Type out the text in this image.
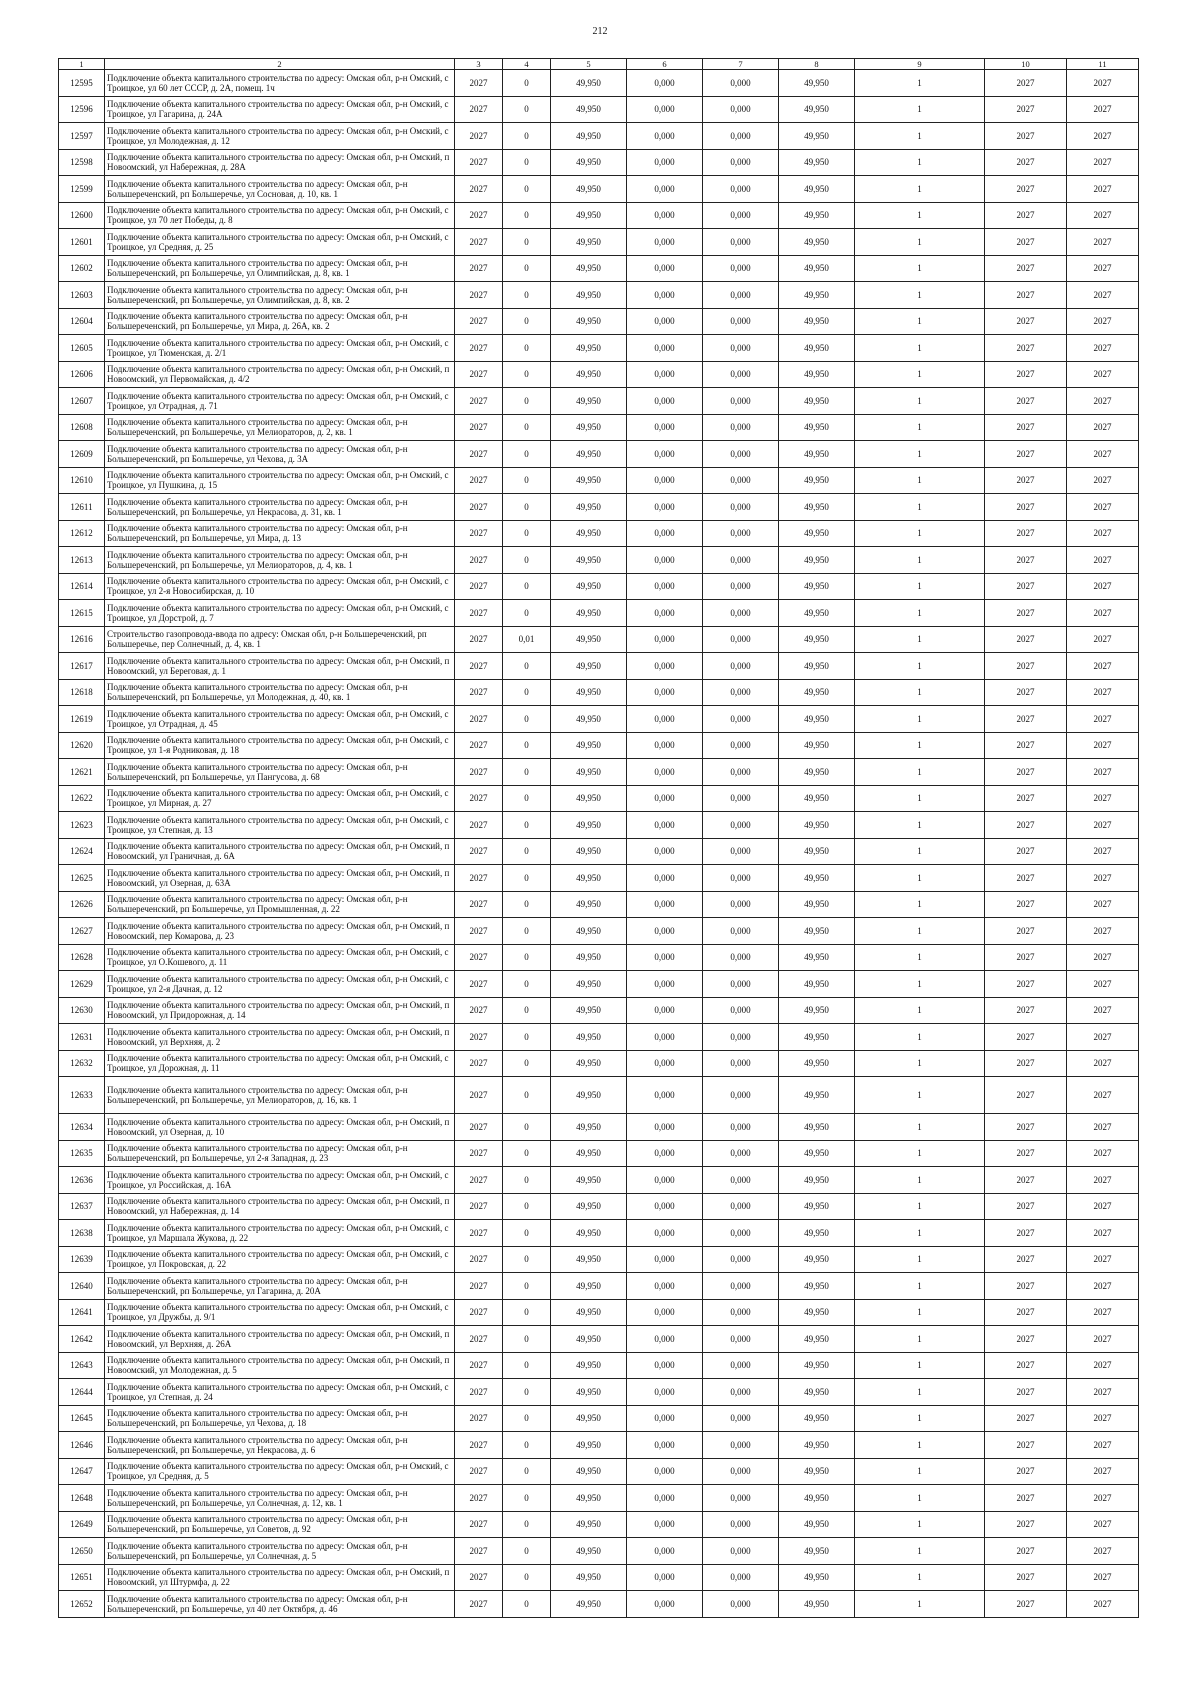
212
1	2	3	4	5	6	7	8	9	10	11
12595	Подключение объекта капитального строительства по адресу: Омская обл, р-н Омский, с Троицкое, ул 60 лет СССР, д. 2А, помещ. 1ч	2027	0	49,950	0,000	0,000	49,950	1	2027	2027
12596	Подключение объекта капитального строительства по адресу: Омская обл, р-н Омский, с Троицкое, ул Гагарина, д. 24А	2027	0	49,950	0,000	0,000	49,950	1	2027	2027
12597	Подключение объекта капитального строительства по адресу: Омская обл, р-н Омский, с Троицкое, ул Молодежная, д. 12	2027	0	49,950	0,000	0,000	49,950	1	2027	2027
12598	Подключение объекта капитального строительства по адресу: Омская обл, р-н Омский, п Новоомский, ул Набережная, д. 28А	2027	0	49,950	0,000	0,000	49,950	1	2027	2027
12599	Подключение объекта капитального строительства по адресу: Омская обл, р-н Большереченский, рп Большеречье, ул Сосновая, д. 10, кв. 1	2027	0	49,950	0,000	0,000	49,950	1	2027	2027
12600	Подключение объекта капитального строительства по адресу: Омская обл, р-н Омский, с Троицкое, ул 70 лет Победы, д. 8	2027	0	49,950	0,000	0,000	49,950	1	2027	2027
12601	Подключение объекта капитального строительства по адресу: Омская обл, р-н Омский, с Троицкое, ул Средняя, д. 25	2027	0	49,950	0,000	0,000	49,950	1	2027	2027
12602	Подключение объекта капитального строительства по адресу: Омская обл, р-н Большереченский, рп Большеречье, ул Олимпийская, д. 8, кв. 1	2027	0	49,950	0,000	0,000	49,950	1	2027	2027
12603	Подключение объекта капитального строительства по адресу: Омская обл, р-н Большереченский, рп Большеречье, ул Олимпийская, д. 8, кв. 2	2027	0	49,950	0,000	0,000	49,950	1	2027	2027
12604	Подключение объекта капитального строительства по адресу: Омская обл, р-н Большереченский, рп Большеречье, ул Мира, д. 26А, кв. 2	2027	0	49,950	0,000	0,000	49,950	1	2027	2027
12605	Подключение объекта капитального строительства по адресу: Омская обл, р-н Омский, с Троицкое, ул Тюменская, д. 2/1	2027	0	49,950	0,000	0,000	49,950	1	2027	2027
12606	Подключение объекта капитального строительства по адресу: Омская обл, р-н Омский, п Новоомский, ул Первомайская, д. 4/2	2027	0	49,950	0,000	0,000	49,950	1	2027	2027
12607	Подключение объекта капитального строительства по адресу: Омская обл, р-н Омский, с Троицкое, ул Отрадная, д. 71	2027	0	49,950	0,000	0,000	49,950	1	2027	2027
12608	Подключение объекта капитального строительства по адресу: Омская обл, р-н Большереченский, рп Большеречье, ул Мелиораторов, д. 2, кв. 1	2027	0	49,950	0,000	0,000	49,950	1	2027	2027
12609	Подключение объекта капитального строительства по адресу: Омская обл, р-н Большереченский, рп Большеречье, ул Чехова, д. 3А	2027	0	49,950	0,000	0,000	49,950	1	2027	2027
12610	Подключение объекта капитального строительства по адресу: Омская обл, р-н Омский, с Троицкое, ул Пушкина, д. 15	2027	0	49,950	0,000	0,000	49,950	1	2027	2027
12611	Подключение объекта капитального строительства по адресу: Омская обл, р-н Большереченский, рп Большеречье, ул Некрасова, д. 31, кв. 1	2027	0	49,950	0,000	0,000	49,950	1	2027	2027
12612	Подключение объекта капитального строительства по адресу: Омская обл, р-н Большереченский, рп Большеречье, ул Мира, д. 13	2027	0	49,950	0,000	0,000	49,950	1	2027	2027
12613	Подключение объекта капитального строительства по адресу: Омская обл, р-н Большереченский, рп Большеречье, ул Мелиораторов, д. 4, кв. 1	2027	0	49,950	0,000	0,000	49,950	1	2027	2027
12614	Подключение объекта капитального строительства по адресу: Омская обл, р-н Омский, с Троицкое, ул 2-я Новосибирская, д. 10	2027	0	49,950	0,000	0,000	49,950	1	2027	2027
12615	Подключение объекта капитального строительства по адресу: Омская обл, р-н Омский, с Троицкое, ул Дорстрой, д. 7	2027	0	49,950	0,000	0,000	49,950	1	2027	2027
12616	Строительство газопровода-ввода по адресу: Омская обл, р-н Большереченский, рп Большеречье, пер Солнечный, д. 4, кв. 1	2027	0,01	49,950	0,000	0,000	49,950	1	2027	2027
12617	Подключение объекта капитального строительства по адресу: Омская обл, р-н Омский, п Новоомский, ул Береговая, д. 1	2027	0	49,950	0,000	0,000	49,950	1	2027	2027
12618	Подключение объекта капитального строительства по адресу: Омская обл, р-н Большереченский, рп Большеречье, ул Молодежная, д. 40, кв. 1	2027	0	49,950	0,000	0,000	49,950	1	2027	2027
12619	Подключение объекта капитального строительства по адресу: Омская обл, р-н Омский, с Троицкое, ул Отрадная, д. 45	2027	0	49,950	0,000	0,000	49,950	1	2027	2027
12620	Подключение объекта капитального строительства по адресу: Омская обл, р-н Омский, с Троицкое, ул 1-я Родниковая, д. 18	2027	0	49,950	0,000	0,000	49,950	1	2027	2027
12621	Подключение объекта капитального строительства по адресу: Омская обл, р-н Большереченский, рп Большеречье, ул Пангусова, д. 68	2027	0	49,950	0,000	0,000	49,950	1	2027	2027
12622	Подключение объекта капитального строительства по адресу: Омская обл, р-н Омский, с Троицкое, ул Мирная, д. 27	2027	0	49,950	0,000	0,000	49,950	1	2027	2027
12623	Подключение объекта капитального строительства по адресу: Омская обл, р-н Омский, с Троицкое, ул Степная, д. 13	2027	0	49,950	0,000	0,000	49,950	1	2027	2027
12624	Подключение объекта капитального строительства по адресу: Омская обл, р-н Омский, п Новоомский, ул Граничная, д. 6А	2027	0	49,950	0,000	0,000	49,950	1	2027	2027
12625	Подключение объекта капитального строительства по адресу: Омская обл, р-н Омский, п Новоомский, ул Озерная, д. 63А	2027	0	49,950	0,000	0,000	49,950	1	2027	2027
12626	Подключение объекта капитального строительства по адресу: Омская обл, р-н Большереченский, рп Большеречье, ул Промышленная, д. 22	2027	0	49,950	0,000	0,000	49,950	1	2027	2027
12627	Подключение объекта капитального строительства по адресу: Омская обл, р-н Омский, п Новоомский, пер Комарова, д. 23	2027	0	49,950	0,000	0,000	49,950	1	2027	2027
12628	Подключение объекта капитального строительства по адресу: Омская обл, р-н Омский, с Троицкое, ул О.Кошевого, д. 11	2027	0	49,950	0,000	0,000	49,950	1	2027	2027
12629	Подключение объекта капитального строительства по адресу: Омская обл, р-н Омский, с Троицкое, ул 2-я Дачная, д. 12	2027	0	49,950	0,000	0,000	49,950	1	2027	2027
12630	Подключение объекта капитального строительства по адресу: Омская обл, р-н Омский, п Новоомский, ул Придорожная, д. 14	2027	0	49,950	0,000	0,000	49,950	1	2027	2027
12631	Подключение объекта капитального строительства по адресу: Омская обл, р-н Омский, п Новоомский, ул Верхняя, д. 2	2027	0	49,950	0,000	0,000	49,950	1	2027	2027
12632	Подключение объекта капитального строительства по адресу: Омская обл, р-н Омский, с Троицкое, ул Дорожная, д. 11	2027	0	49,950	0,000	0,000	49,950	1	2027	2027
12633	Подключение объекта капитального строительства по адресу: Омская обл, р-н Большереченский, рп Большеречье, ул Мелиораторов, д. 16, кв. 1	2027	0	49,950	0,000	0,000	49,950	1	2027	2027
12634	Подключение объекта капитального строительства по адресу: Омская обл, р-н Омский, п Новоомский, ул Озерная, д. 10	2027	0	49,950	0,000	0,000	49,950	1	2027	2027
12635	Подключение объекта капитального строительства по адресу: Омская обл, р-н Большереченский, рп Большеречье, ул 2-я Западная, д. 23	2027	0	49,950	0,000	0,000	49,950	1	2027	2027
12636	Подключение объекта капитального строительства по адресу: Омская обл, р-н Омский, с Троицкое, ул Российская, д. 16А	2027	0	49,950	0,000	0,000	49,950	1	2027	2027
12637	Подключение объекта капитального строительства по адресу: Омская обл, р-н Омский, п Новоомский, ул Набережная, д. 14	2027	0	49,950	0,000	0,000	49,950	1	2027	2027
12638	Подключение объекта капитального строительства по адресу: Омская обл, р-н Омский, с Троицкое, ул Маршала Жукова, д. 22	2027	0	49,950	0,000	0,000	49,950	1	2027	2027
12639	Подключение объекта капитального строительства по адресу: Омская обл, р-н Омский, с Троицкое, ул Покровская, д. 22	2027	0	49,950	0,000	0,000	49,950	1	2027	2027
12640	Подключение объекта капитального строительства по адресу: Омская обл, р-н Большереченский, рп Большеречье, ул Гагарина, д. 20А	2027	0	49,950	0,000	0,000	49,950	1	2027	2027
12641	Подключение объекта капитального строительства по адресу: Омская обл, р-н Омский, с Троицкое, ул Дружбы, д. 9/1	2027	0	49,950	0,000	0,000	49,950	1	2027	2027
12642	Подключение объекта капитального строительства по адресу: Омская обл, р-н Омский, п Новоомский, ул Верхняя, д. 26А	2027	0	49,950	0,000	0,000	49,950	1	2027	2027
12643	Подключение объекта капитального строительства по адресу: Омская обл, р-н Омский, п Новоомский, ул Молодежная, д. 5	2027	0	49,950	0,000	0,000	49,950	1	2027	2027
12644	Подключение объекта капитального строительства по адресу: Омская обл, р-н Омский, с Троицкое, ул Степная, д. 24	2027	0	49,950	0,000	0,000	49,950	1	2027	2027
12645	Подключение объекта капитального строительства по адресу: Омская обл, р-н Большереченский, рп Большеречье, ул Чехова, д. 18	2027	0	49,950	0,000	0,000	49,950	1	2027	2027
12646	Подключение объекта капитального строительства по адресу: Омская обл, р-н Большереченский, рп Большеречье, ул Некрасова, д. 6	2027	0	49,950	0,000	0,000	49,950	1	2027	2027
12647	Подключение объекта капитального строительства по адресу: Омская обл, р-н Омский, с Троицкое, ул Средняя, д. 5	2027	0	49,950	0,000	0,000	49,950	1	2027	2027
12648	Подключение объекта капитального строительства по адресу: Омская обл, р-н Большереченский, рп Большеречье, ул Солнечная, д. 12, кв. 1	2027	0	49,950	0,000	0,000	49,950	1	2027	2027
12649	Подключение объекта капитального строительства по адресу: Омская обл, р-н Большереченский, рп Большеречье, ул Советов, д. 92	2027	0	49,950	0,000	0,000	49,950	1	2027	2027
12650	Подключение объекта капитального строительства по адресу: Омская обл, р-н Большереченский, рп Большеречье, ул Солнечная, д. 5	2027	0	49,950	0,000	0,000	49,950	1	2027	2027
12651	Подключение объекта капитального строительства по адресу: Омская обл, р-н Омский, п Новоомский, ул Штурмфа, д. 22	2027	0	49,950	0,000	0,000	49,950	1	2027	2027
12652	Подключение объекта капитального строительства по адресу: Омская обл, р-н Большереченский, рп Большеречье, ул 40 лет Октября, д. 46	2027	0	49,950	0,000	0,000	49,950	1	2027	2027
